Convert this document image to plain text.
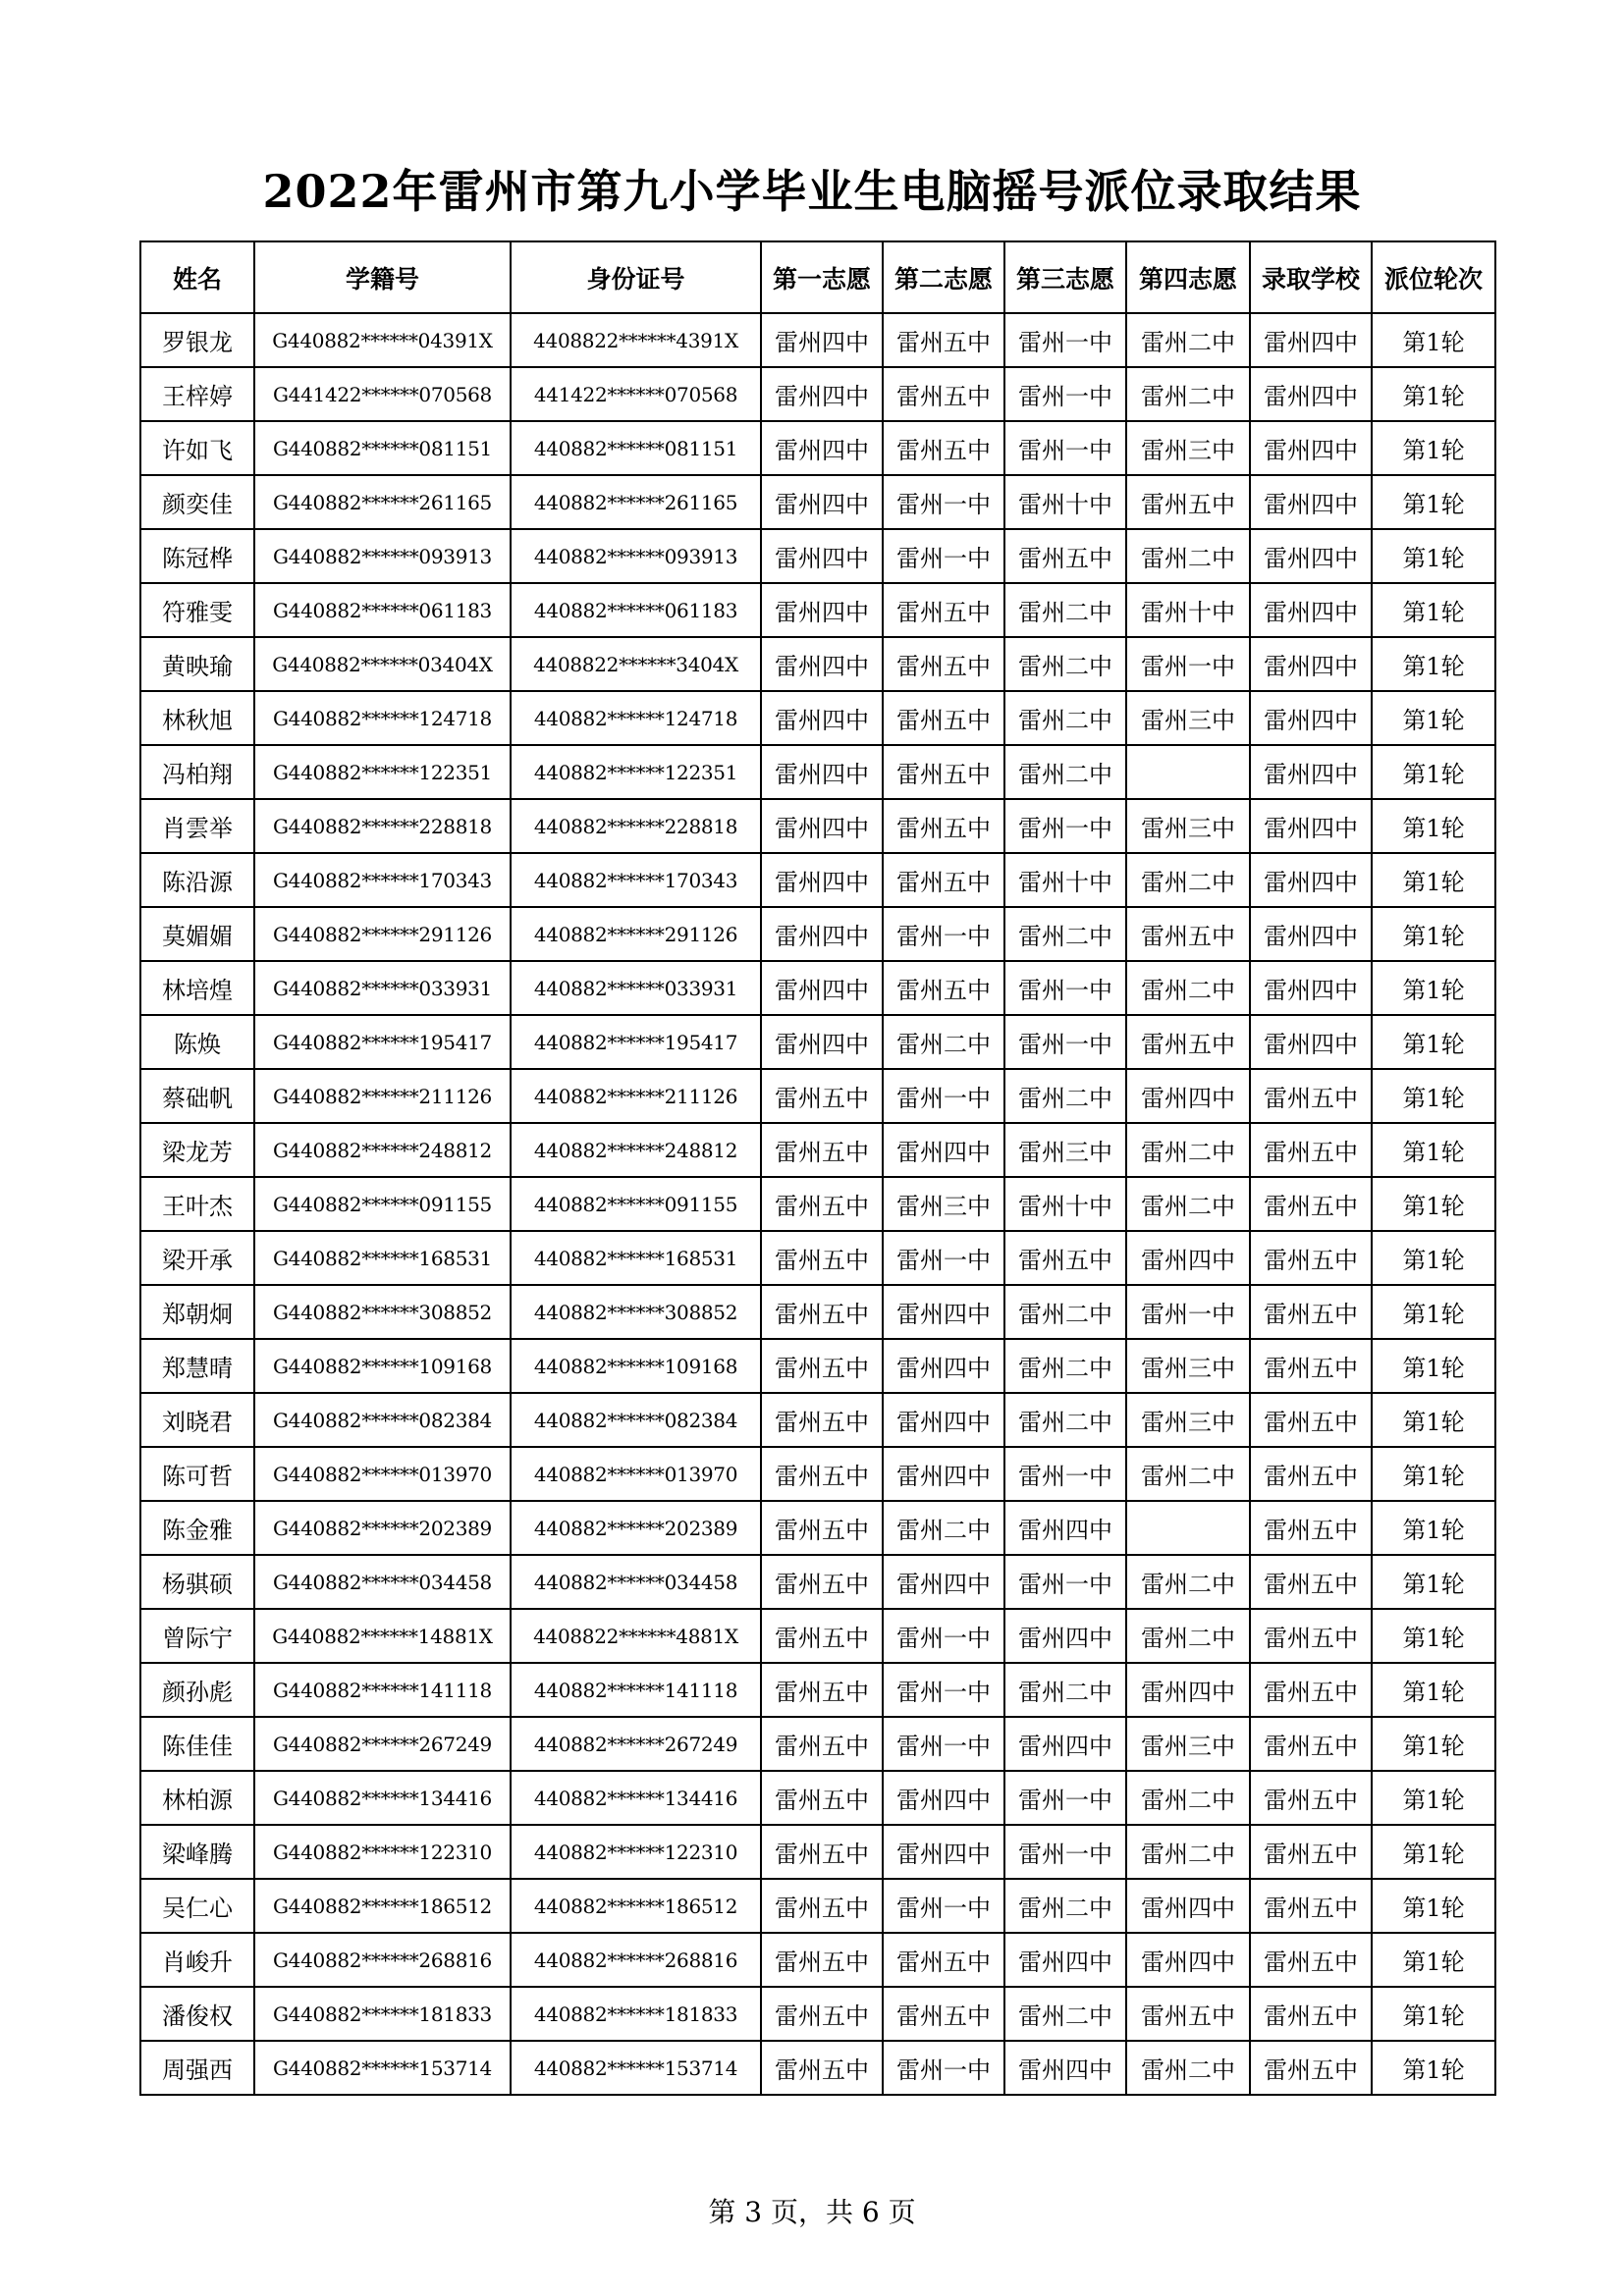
2022年雷州市第九小学毕业生电脑摇号派位录取结果
姓名	学籍号	身份证号	第一志愿	第二志愿	第三志愿	第四志愿	录取学校	派位轮次
罗银龙	G440882******04391X	4408822******4391X	雷州四中	雷州五中	雷州一中	雷州二中	雷州四中	第1轮
王梓婷	G441422******070568	441422******070568	雷州四中	雷州五中	雷州一中	雷州二中	雷州四中	第1轮
许如飞	G440882******081151	440882******081151	雷州四中	雷州五中	雷州一中	雷州三中	雷州四中	第1轮
颜奕佳	G440882******261165	440882******261165	雷州四中	雷州一中	雷州十中	雷州五中	雷州四中	第1轮
陈冠桦	G440882******093913	440882******093913	雷州四中	雷州一中	雷州五中	雷州二中	雷州四中	第1轮
符雅雯	G440882******061183	440882******061183	雷州四中	雷州五中	雷州二中	雷州十中	雷州四中	第1轮
黄映瑜	G440882******03404X	4408822******3404X	雷州四中	雷州五中	雷州二中	雷州一中	雷州四中	第1轮
林秋旭	G440882******124718	440882******124718	雷州四中	雷州五中	雷州二中	雷州三中	雷州四中	第1轮
冯柏翔	G440882******122351	440882******122351	雷州四中	雷州五中	雷州二中		雷州四中	第1轮
肖雲举	G440882******228818	440882******228818	雷州四中	雷州五中	雷州一中	雷州三中	雷州四中	第1轮
陈沿源	G440882******170343	440882******170343	雷州四中	雷州五中	雷州十中	雷州二中	雷州四中	第1轮
莫媚媚	G440882******291126	440882******291126	雷州四中	雷州一中	雷州二中	雷州五中	雷州四中	第1轮
林培煌	G440882******033931	440882******033931	雷州四中	雷州五中	雷州一中	雷州二中	雷州四中	第1轮
陈焕	G440882******195417	440882******195417	雷州四中	雷州二中	雷州一中	雷州五中	雷州四中	第1轮
蔡础帆	G440882******211126	440882******211126	雷州五中	雷州一中	雷州二中	雷州四中	雷州五中	第1轮
梁龙芳	G440882******248812	440882******248812	雷州五中	雷州四中	雷州三中	雷州二中	雷州五中	第1轮
王叶杰	G440882******091155	440882******091155	雷州五中	雷州三中	雷州十中	雷州二中	雷州五中	第1轮
梁开承	G440882******168531	440882******168531	雷州五中	雷州一中	雷州五中	雷州四中	雷州五中	第1轮
郑朝炯	G440882******308852	440882******308852	雷州五中	雷州四中	雷州二中	雷州一中	雷州五中	第1轮
郑慧晴	G440882******109168	440882******109168	雷州五中	雷州四中	雷州二中	雷州三中	雷州五中	第1轮
刘晓君	G440882******082384	440882******082384	雷州五中	雷州四中	雷州二中	雷州三中	雷州五中	第1轮
陈可哲	G440882******013970	440882******013970	雷州五中	雷州四中	雷州一中	雷州二中	雷州五中	第1轮
陈金雅	G440882******202389	440882******202389	雷州五中	雷州二中	雷州四中		雷州五中	第1轮
杨骐硕	G440882******034458	440882******034458	雷州五中	雷州四中	雷州一中	雷州二中	雷州五中	第1轮
曾际宁	G440882******14881X	4408822******4881X	雷州五中	雷州一中	雷州四中	雷州二中	雷州五中	第1轮
颜孙彪	G440882******141118	440882******141118	雷州五中	雷州一中	雷州二中	雷州四中	雷州五中	第1轮
陈佳佳	G440882******267249	440882******267249	雷州五中	雷州一中	雷州四中	雷州三中	雷州五中	第1轮
林柏源	G440882******134416	440882******134416	雷州五中	雷州四中	雷州一中	雷州二中	雷州五中	第1轮
梁峰腾	G440882******122310	440882******122310	雷州五中	雷州四中	雷州一中	雷州二中	雷州五中	第1轮
吴仁心	G440882******186512	440882******186512	雷州五中	雷州一中	雷州二中	雷州四中	雷州五中	第1轮
肖峻升	G440882******268816	440882******268816	雷州五中	雷州五中	雷州四中	雷州四中	雷州五中	第1轮
潘俊权	G440882******181833	440882******181833	雷州五中	雷州五中	雷州二中	雷州五中	雷州五中	第1轮
周强西	G440882******153714	440882******153714	雷州五中	雷州一中	雷州四中	雷州二中	雷州五中	第1轮
第 3 页，共 6 页
